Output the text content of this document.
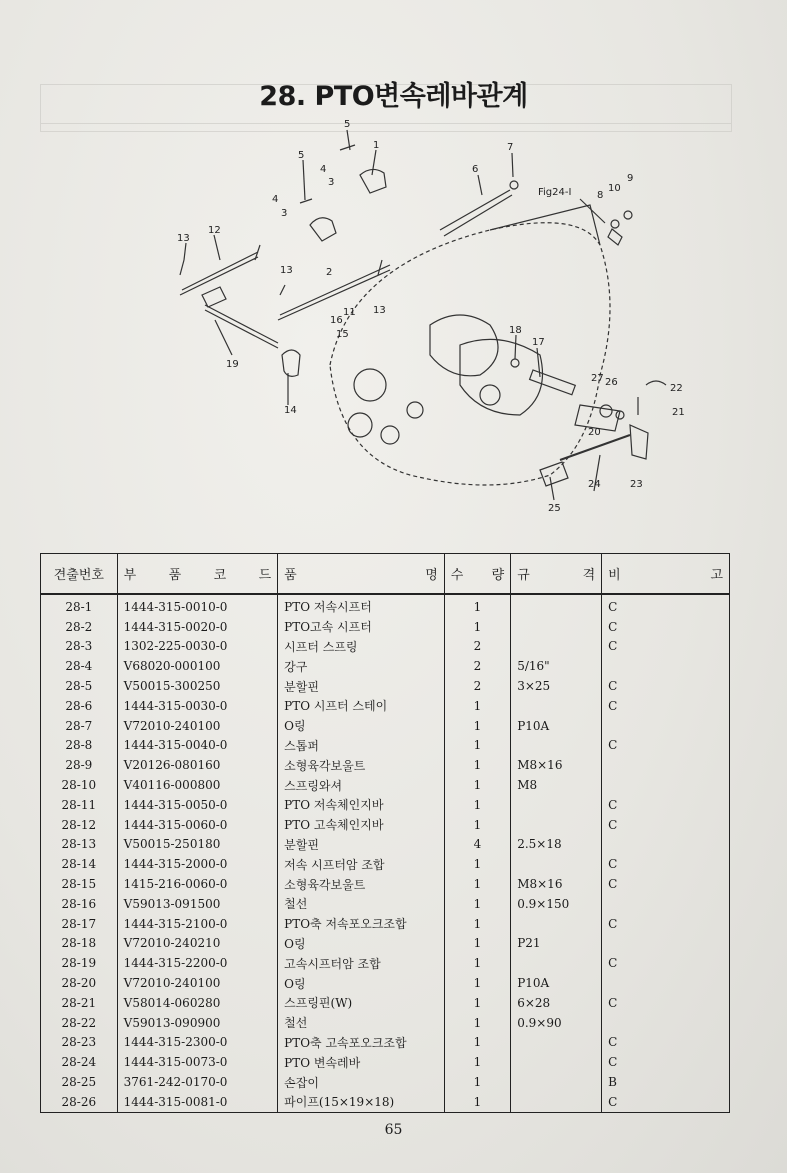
28. PTO변속레바관계
5
1
5
4
3
6
7
Fig24-I	8
10
9
4
3
13
12
13	2
11 13
16
15	18
17
19
27 26
22
21
14
20
24	23
25
견출번호	부 품 코 드	품 명	수 량	규 격	비 고
28-1	1444-315-0010-0	PTO 저속시프터	1		C
28-2	1444-315-0020-0	PTO고속 시프터	1		C
28-3	1302-225-0030-0	시프터 스프링	2		C
28-4	V68020-000100	강구	2	5/16"	
28-5	V50015-300250	분할핀	2	3×25	C
28-6	1444-315-0030-0	PTO 시프터 스테이	1		C
28-7	V72010-240100	O링	1	P10A	
28-8	1444-315-0040-0	스톱퍼	1		C
28-9	V20126-080160	소형육각보울트	1	M8×16	
28-10	V40116-000800	스프링와셔	1	M8	
28-11	1444-315-0050-0	PTO 저속체인지바	1		C
28-12	1444-315-0060-0	PTO 고속체인지바	1		C
28-13	V50015-250180	분할핀	4	2.5×18	
28-14	1444-315-2000-0	저속 시프터암 조합	1		C
28-15	1415-216-0060-0	소형육각보울트	1	M8×16	C
28-16	V59013-091500	철선	1	0.9×150	
28-17	1444-315-2100-0	PTO축 저속포오크조합	1		C
28-18	V72010-240210	O링	1	P21	
28-19	1444-315-2200-0	고속시프터암 조합	1		C
28-20	V72010-240100	O링	1	P10A	
28-21	V58014-060280	스프링핀(W)	1	6×28	C
28-22	V59013-090900	철선	1	0.9×90	
28-23	1444-315-2300-0	PTO축 고속포오크조합	1		C
28-24	1444-315-0073-0	PTO 변속레바	1		C
28-25	3761-242-0170-0	손잡이	1		B
28-26	1444-315-0081-0	파이프(15×19×18)	1		C
65
